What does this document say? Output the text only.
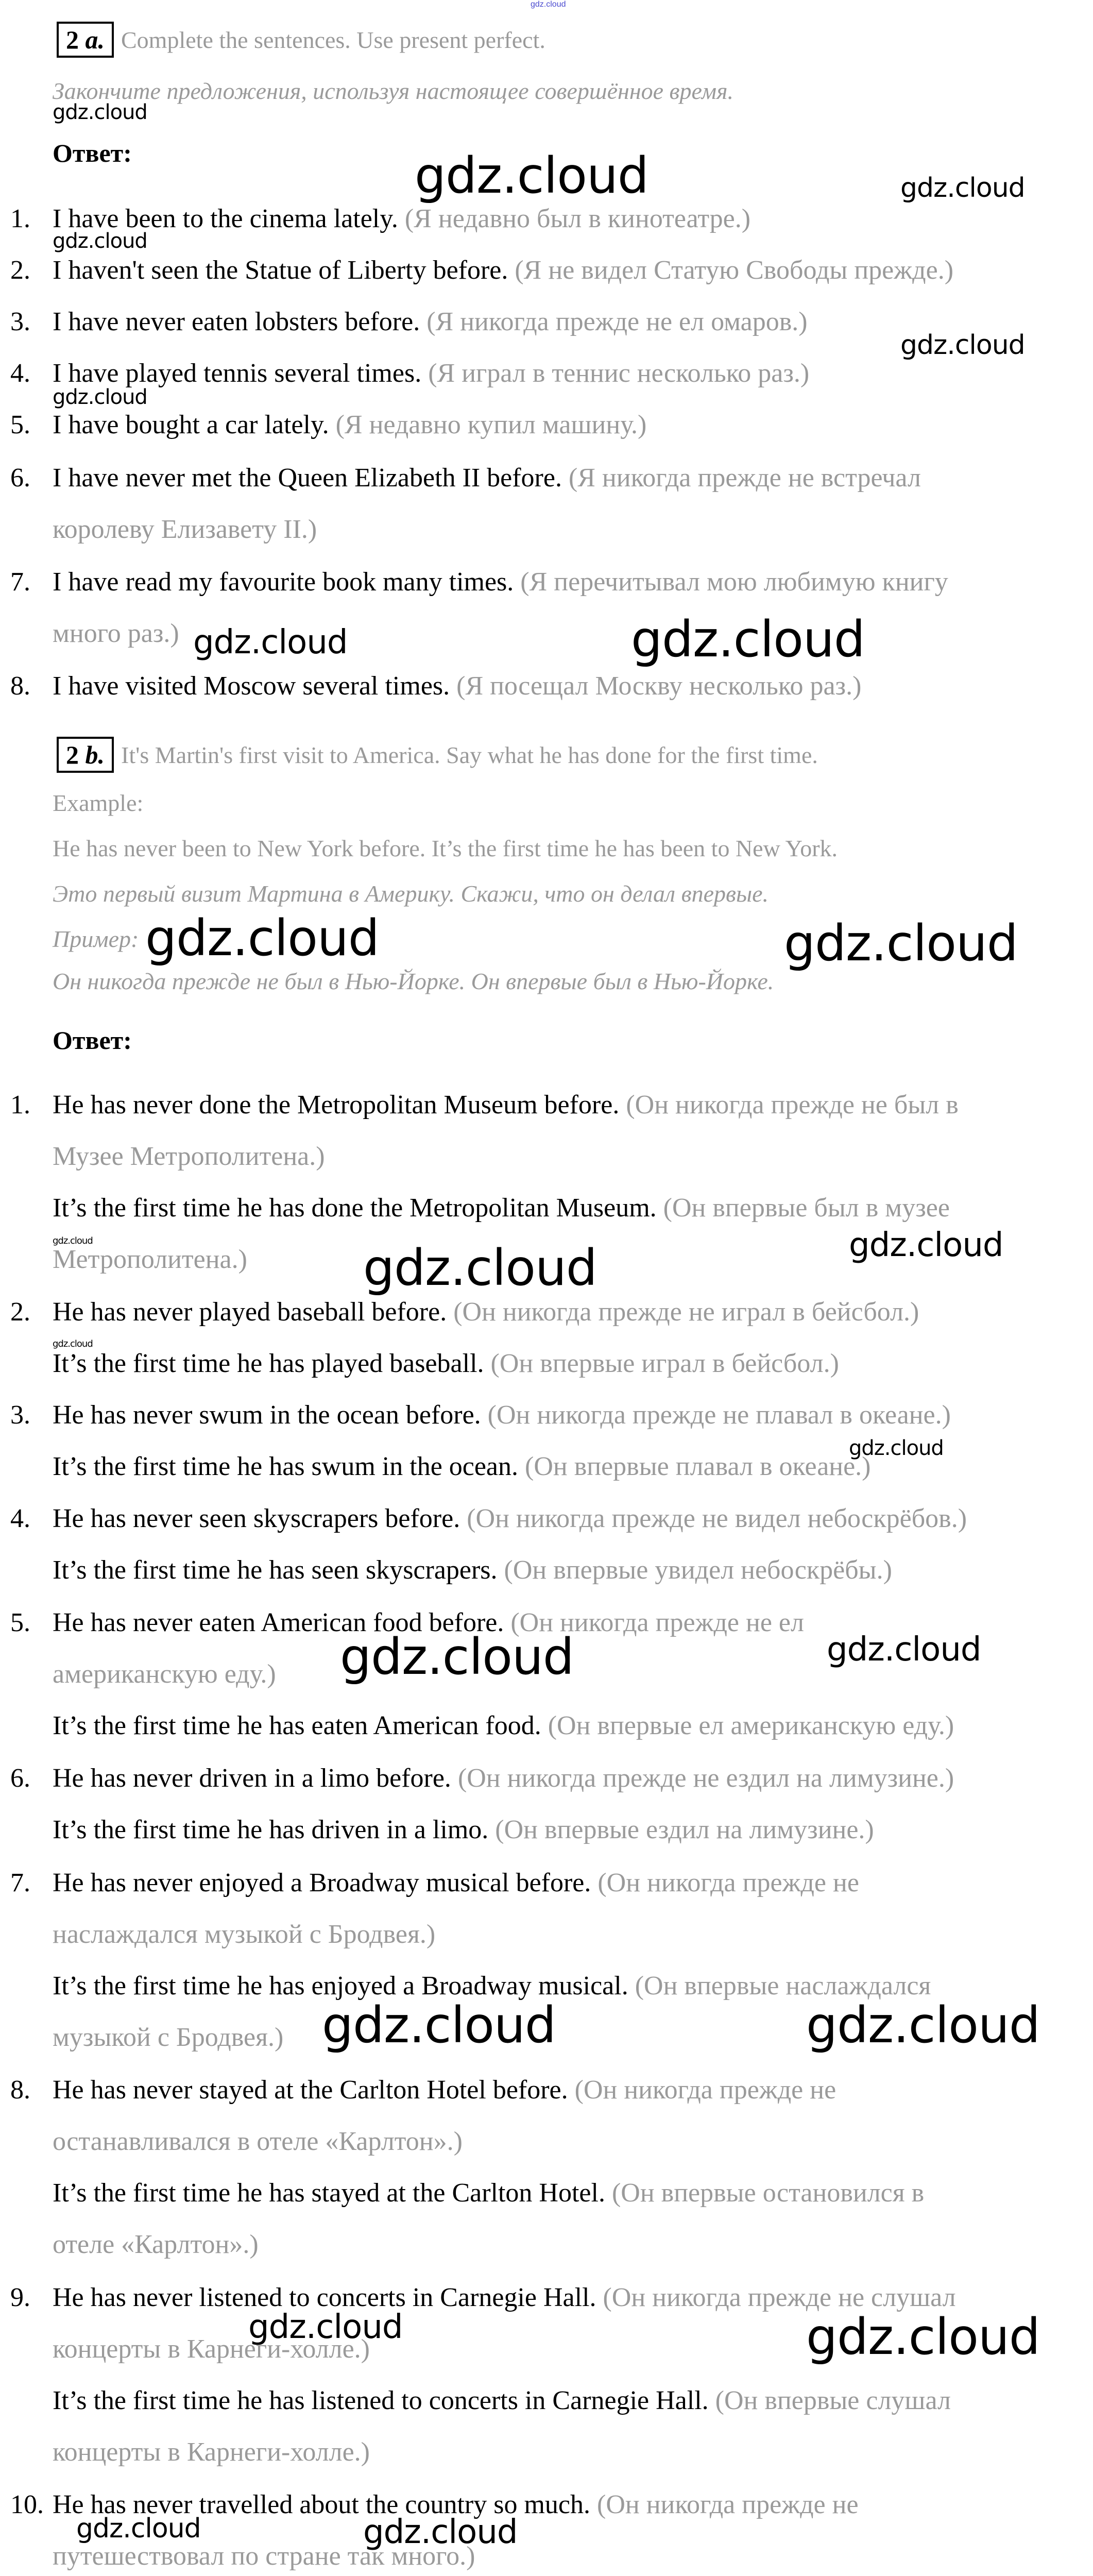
gdz.cloud
2 a. Complete the sentences. Use present perfect.
Закончите предложения, используя настоящее совершённое время.
Ответ:
1. I have been to the cinema lately. (Я недавно был в кинотеатре.)
2. I haven't seen the Statue of Liberty before. (Я не видел Статую Свободы прежде.)
3. I have never eaten lobsters before. (Я никогда прежде не ел омаров.)
4. I have played tennis several times. (Я играл в теннис несколько раз.)
5. I have bought a car lately. (Я недавно купил машину.)
6. I have never met the Queen Elizabeth II before. (Я никогда прежде не встречал
королеву Елизавету II.)
7. I have read my favourite book many times. (Я перечитывал мою любимую книгу
много раз.)
8. I have visited Moscow several times. (Я посещал Москву несколько раз.)
2 b. It's Martin's first visit to America. Say what he has done for the first time.
Example:
He has never been to New York before. It’s the first time he has been to New York.
Это первый визит Мартина в Америку. Скажи, что он делал впервые.
Пример:
Он никогда прежде не был в Нью-Йорке. Он впервые был в Нью-Йорке.
Ответ:
1. He has never done the Metropolitan Museum before. (Он никогда прежде не был в
Музее Метрополитена.)
It’s the first time he has done the Metropolitan Museum. (Он впервые был в музее
Метрополитена.)
2. He has never played baseball before. (Он никогда прежде не играл в бейсбол.)
It’s the first time he has played baseball. (Он впервые играл в бейсбол.)
3. He has never swum in the ocean before. (Он никогда прежде не плавал в океане.)
It’s the first time he has swum in the ocean. (Он впервые плавал в океане.)
4. He has never seen skyscrapers before. (Он никогда прежде не видел небоскрёбов.)
It’s the first time he has seen skyscrapers. (Он впервые увидел небоскрёбы.)
5. He has never eaten American food before. (Он никогда прежде не ел
американскую еду.)
It’s the first time he has eaten American food. (Он впервые ел американскую еду.)
6. He has never driven in a limo before. (Он никогда прежде не ездил на лимузине.)
It’s the first time he has driven in a limo. (Он впервые ездил на лимузине.)
7. He has never enjoyed a Broadway musical before. (Он никогда прежде не
наслаждался музыкой с Бродвея.)
It’s the first time he has enjoyed a Broadway musical. (Он впервые наслаждался
музыкой с Бродвея.)
8. He has never stayed at the Carlton Hotel before. (Он никогда прежде не
останавливался в отеле «Карлтон».)
It’s the first time he has stayed at the Carlton Hotel. (Он впервые остановился в
отеле «Карлтон».)
9. He has never listened to concerts in Carnegie Hall. (Он никогда прежде не слушал
концерты в Карнеги-холле.)
It’s the first time he has listened to concerts in Carnegie Hall. (Он впервые слушал
концерты в Карнеги-холле.)
10. He has never travelled about the country so much. (Он никогда прежде не
путешествовал по стране так много.)
gdz.cloud
gdz.cloud	gdz.cloud
gdz.cloud
gdz.cloud
gdz.cloud
gdz.cloud	gdz.cloud
gdz.cloud	gdz.cloud
gdz.cloud	gdz.cloud	gdz.cloud
gdz.cloud
gdz.cloud
gdz.cloud	gdz.cloud
gdz.cloud	gdz.cloud
gdz.cloud	gdz.cloud
gdz.cloud	gdz.cloud
